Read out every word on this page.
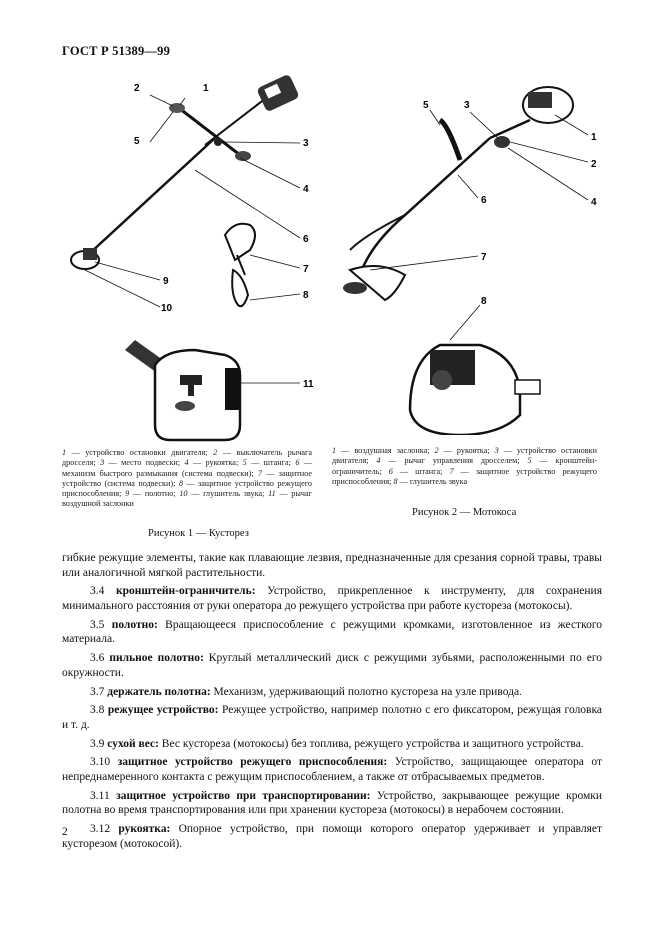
ГОСТ Р 51389—99
2	1
5	3
4
6
7
8
9
10
11
1 — устройство остановки двигателя; 2 — выключатель рычага дросселя; 3 — место подвески; 4 — рукоятка; 5 — штанга; 6 — механизм быстрого размыкания (система подвески); 7 — защитное устройство (система подвески); 8 — защитное устройство режущего приспособления; 9 — полотно; 10 — глушитель звука; 11 — рычаг воздушной заслонки
Рисунок 1 — Кусторез
5	3
1
2
4
6
7
8
1 — воздушная заслонка; 2 — рукоятка; 3 — устройство остановки двигателя; 4 — рычаг управления дросселем; 5 — кронштейн-ограничитель; 6 — штанга; 7 — защитное устройство режущего приспособления; 8 — глушитель звука
Рисунок 2 — Мотокоса

гибкие режущие элементы, такие как плавающие лезвия, предназначенные для срезания сорной травы, травы или аналогичной мягкой растительности.

3.4 кронштейн-ограничитель: Устройство, прикрепленное к инструменту, для сохранения минимального расстояния от руки оператора до режущего устройства при работе кустореза (мотокосы).

3.5 полотно: Вращающееся приспособление с режущими кромками, изготовленное из жесткого материала.

3.6 пильное полотно: Круглый металлический диск с режущими зубьями, расположенными по его окружности.

3.7 держатель полотна: Механизм, удерживающий полотно кустореза на узле привода.

3.8 режущее устройство: Режущее устройство, например полотно с его фиксатором, режущая головка и т. д.

3.9 сухой вес: Вес кустореза (мотокосы) без топлива, режущего устройства и защитного устройства.

3.10 защитное устройство режущего приспособления: Устройство, защищающее оператора от непреднамеренного контакта с режущим приспособлением, а также от отбрасываемых предметов.

3.11 защитное устройство при транспортировании: Устройство, закрывающее режущие кромки полотна во время транспортирования или при хранении кустореза (мотокосы) в нерабочем состоянии.

3.12 рукоятка: Опорное устройство, при помощи которого оператор удерживает и управляет кусторезом (мотокосой).

2
